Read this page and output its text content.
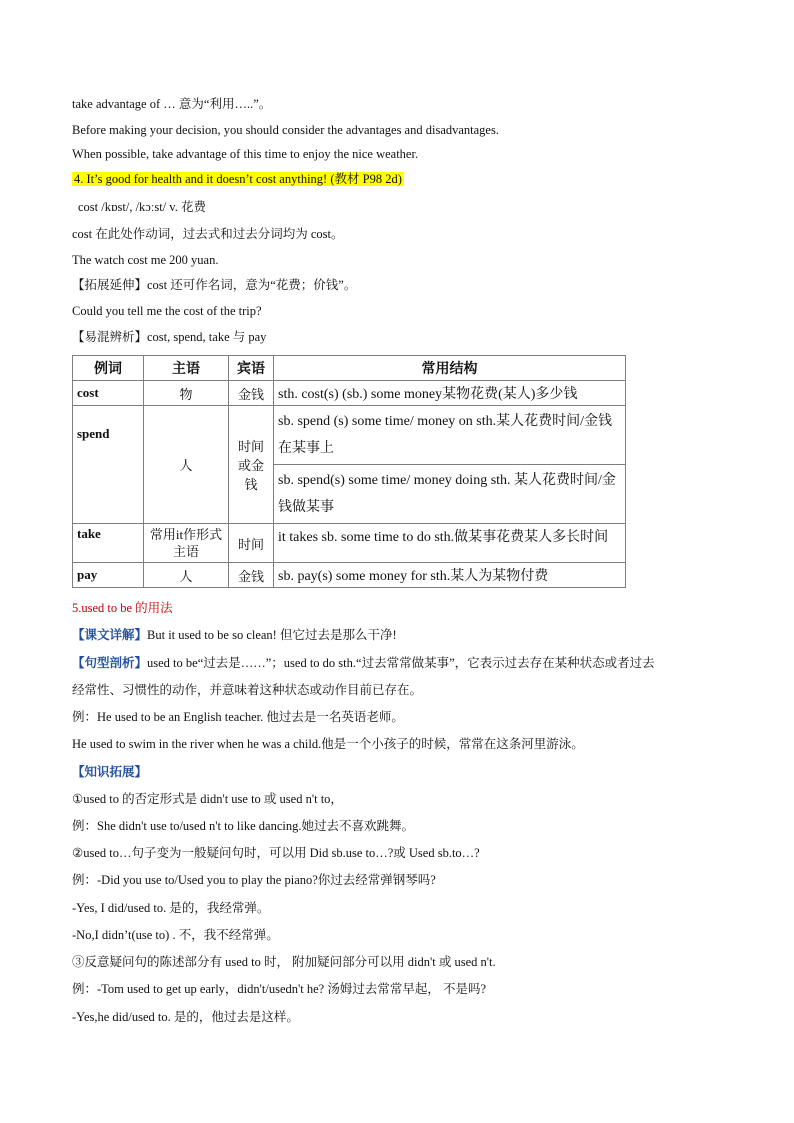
take advantage of … 意为“利用…..”。
Before making your decision, you should consider the advantages and disadvantages.
When possible, take advantage of this time to enjoy the nice weather.
4. It’s good for health and it doesn’t cost anything! (教材 P98 2d)
cost /kɒst/, /kɔːst/ v. 花费
cost 在此处作动词，过去式和过去分词均为 cost。
The watch cost me 200 yuan.
【拓展延伸】cost 还可作名词，意为“花费；价钱”。
Could you tell me the cost of the trip?
【易混辨析】cost, spend, take 与 pay
例词	主语	宾语	常用结构
cost	物	金钱	sth. cost(s) (sb.) some money某物花费(某人)多少钱
spend	人	时间或金钱	sb. spend (s) some time/ money on sth.某人花费时间/金钱在某事上
			sb. spend(s) some time/ money doing sth. 某人花费时间/金钱做某事
take	常用it作形式主语	时间	it takes sb. some time to do sth.做某事花费某人多长时间
pay	人	金钱	sb. pay(s) some money for sth.某人为某物付费
5.used to be 的用法
【课文详解】But it used to be so clean! 但它过去是那么干净!
【句型剖析】used to be“过去是……”；used to do sth.“过去常常做某事”，它表示过去存在某种状态或者过去
经常性、习惯性的动作，并意味着这种状态或动作目前已存在。
例：He used to be an English teacher. 他过去是一名英语老师。
He used to swim in the river when he was a child.他是一个小孩子的时候，常常在这条河里游泳。
【知识拓展】
①used to 的否定形式是 didn't use to 或 used n't to，
例：She didn't use to/used n't to like dancing.她过去不喜欢跳舞。
②used to…句子变为一般疑问句时，可以用 Did sb.use to…?或 Used sb.to…?
例：-Did you use to/Used you to play the piano?你过去经常弹钢琴吗?
-Yes, I did/used to. 是的，我经常弹。
-No,I didn’t(use to) . 不，我不经常弹。
③反意疑问句的陈述部分有 used to 时， 附加疑问部分可以用 didn't 或 used n't.
例：-Tom used to get up early，didn't/usedn't he? 汤姆过去常常早起， 不是吗?
-Yes,he did/used to. 是的，他过去是这样。
